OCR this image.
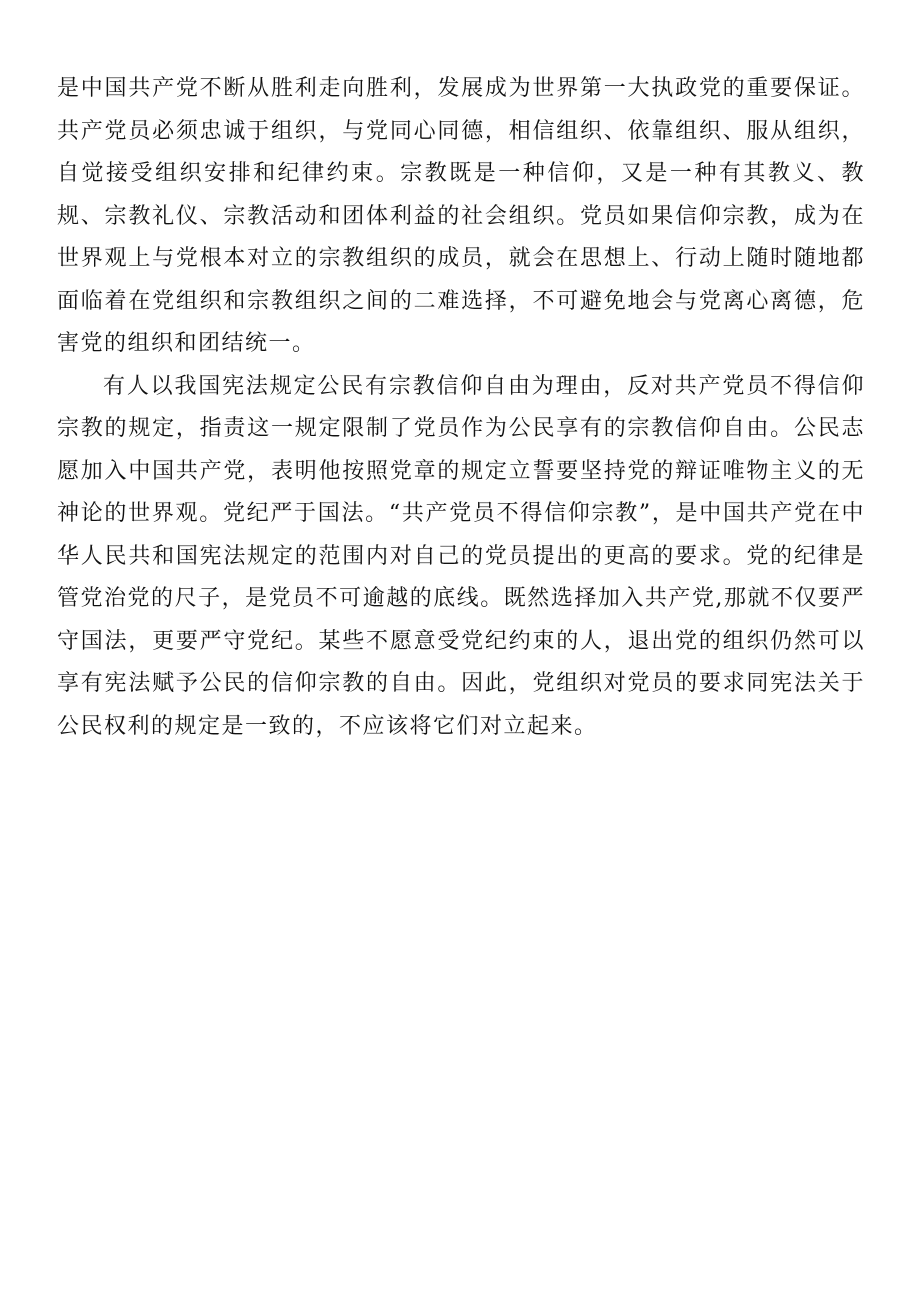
是中国共产党不断从胜利走向胜利，发展成为世界第一大执政党的重要保证。共产党员必须忠诚于组织，与党同心同德，相信组织、依靠组织、服从组织，自觉接受组织安排和纪律约束。宗教既是一种信仰，又是一种有其教义、教规、宗教礼仪、宗教活动和团体利益的社会组织。党员如果信仰宗教，成为在世界观上与党根本对立的宗教组织的成员，就会在思想上、行动上随时随地都面临着在党组织和宗教组织之间的二难选择，不可避免地会与党离心离德，危害党的组织和团结统一。

有人以我国宪法规定公民有宗教信仰自由为理由，反对共产党员不得信仰宗教的规定，指责这一规定限制了党员作为公民享有的宗教信仰自由。公民志愿加入中国共产党，表明他按照党章的规定立誓要坚持党的辩证唯物主义的无神论的世界观。党纪严于国法。“共产党员不得信仰宗教”，是中国共产党在中华人民共和国宪法规定的范围内对自己的党员提出的更高的要求。党的纪律是管党治党的尺子，是党员不可逾越的底线。既然选择加入共产党,那就不仅要严守国法，更要严守党纪。某些不愿意受党纪约束的人，退出党的组织仍然可以享有宪法赋予公民的信仰宗教的自由。因此，党组织对党员的要求同宪法关于公民权利的规定是一致的，不应该将它们对立起来。
